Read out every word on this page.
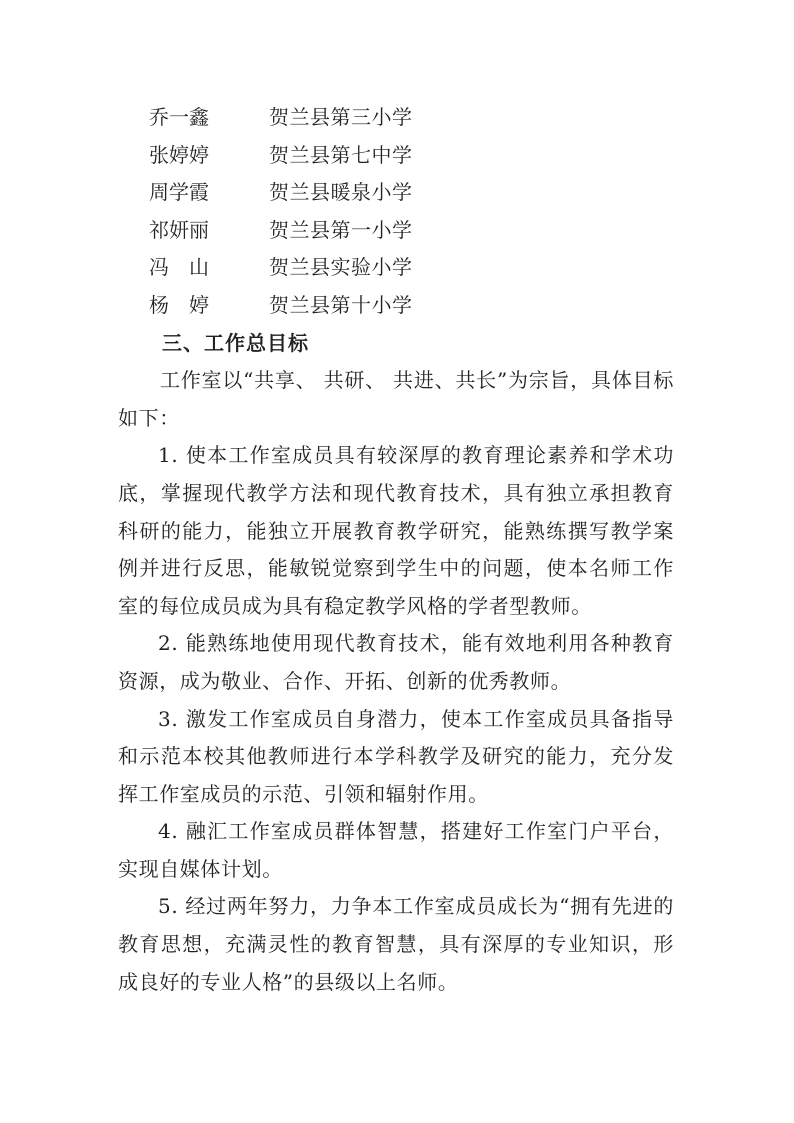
乔一鑫	贺兰县第三小学
张婷婷	贺兰县第七中学
周学霞	贺兰县暖泉小学
祁妍丽	贺兰县第一小学
冯　山	贺兰县实验小学
杨　婷	贺兰县第十小学
三、工作总目标

工作室以“共享、 共研、 共进、共长”为宗旨，具体目标如下：

1. 使本工作室成员具有较深厚的教育理论素养和学术功底，掌握现代教学方法和现代教育技术，具有独立承担教育科研的能力，能独立开展教育教学研究，能熟练撰写教学案例并进行反思，能敏锐觉察到学生中的问题，使本名师工作室的每位成员成为具有稳定教学风格的学者型教师。

2. 能熟练地使用现代教育技术，能有效地利用各种教育资源，成为敬业、合作、开拓、创新的优秀教师。

3. 激发工作室成员自身潜力，使本工作室成员具备指导和示范本校其他教师进行本学科教学及研究的能力，充分发挥工作室成员的示范、引领和辐射作用。

4. 融汇工作室成员群体智慧，搭建好工作室门户平台，实现自媒体计划。

5. 经过两年努力，力争本工作室成员成长为“拥有先进的教育思想，充满灵性的教育智慧，具有深厚的专业知识，形成良好的专业人格”的县级以上名师。
